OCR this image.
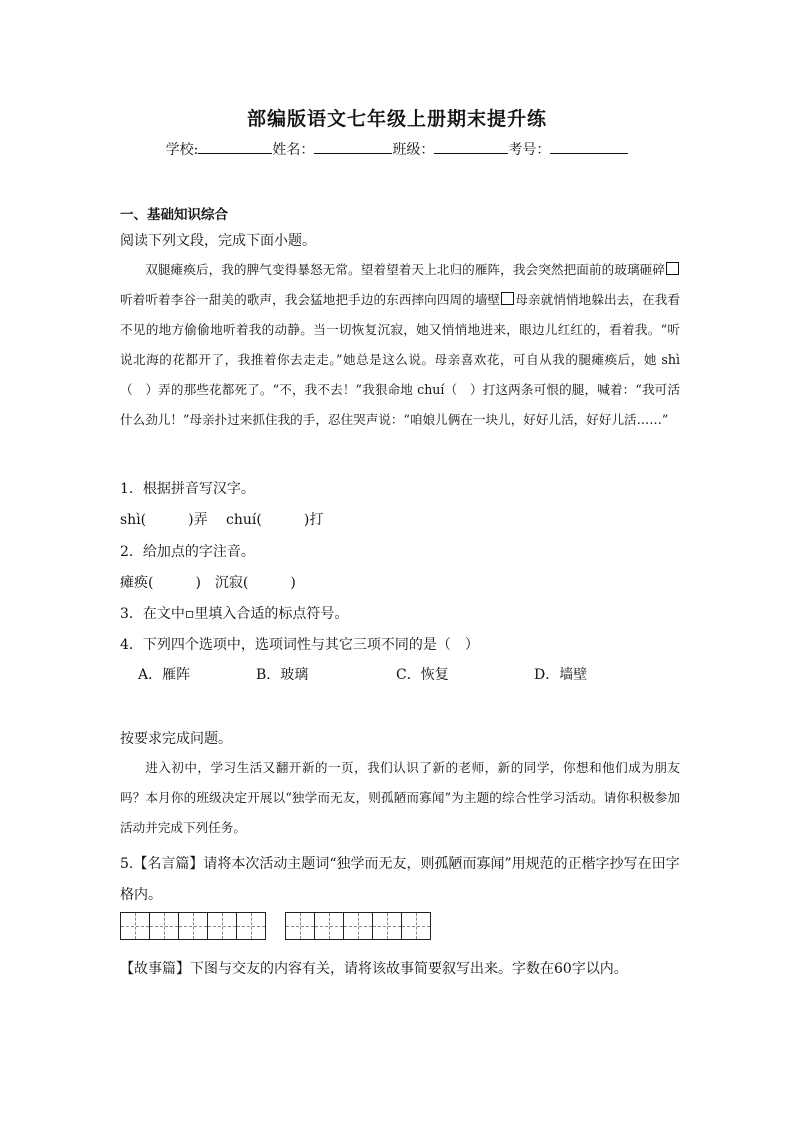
部编版语文七年级上册期末提升练
学校:	姓名：	班级：	考号：
一、基础知识综合
阅读下列文段，完成下面小题。

双腿瘫痪后，我的脾气变得暴怒无常。望着望着天上北归的雁阵，我会突然把面前的玻璃砸碎听着听着李谷一甜美的歌声，我会猛地把手边的东西摔向四周的墙壁 母亲就悄悄地躲出去，在我看不见的地方偷偷地听着我的动静。当一切恢复沉寂，她又悄悄地进来，眼边儿红红的，看着我。“听说北海的花都开了，我推着你去走走。”她总是这么说。母亲喜欢花，可自从我的腿瘫痪后，她 shì（　）弄的那些花都死了。“不，我不去！”我狠命地 chuí（　）打这两条可恨的腿，喊着：“我可活什么劲儿！”母亲扑过来抓住我的手，忍住哭声说：“咱娘儿俩在一块儿，好好儿活，好好儿活……”

1．根据拼音写汉字。
shì(　　　)弄　 chuí(　　　)打
2．给加点的字注音。
瘫痪(　　　)　沉寂(　　　)
3．在文中▫里填入合适的标点符号。
4．下列四个选项中，选项词性与其它三项不同的是（　）
A．雁阵	B．玻璃	C．恢复	D．墙壁
按要求完成问题。

进入初中，学习生活又翻开新的一页，我们认识了新的老师，新的同学，你想和他们成为朋友吗？本月你的班级决定开展以“独学而无友，则孤陋而寡闻”为主题的综合性学习活动。请你积极参加活动并完成下列任务。

5.【名言篇】请将本次活动主题词“独学而无友，则孤陋而寡闻”用规范的正楷字抄写在田字
格内。
【故事篇】下图与交友的内容有关，请将该故事简要叙写出来。字数在60字以内。
